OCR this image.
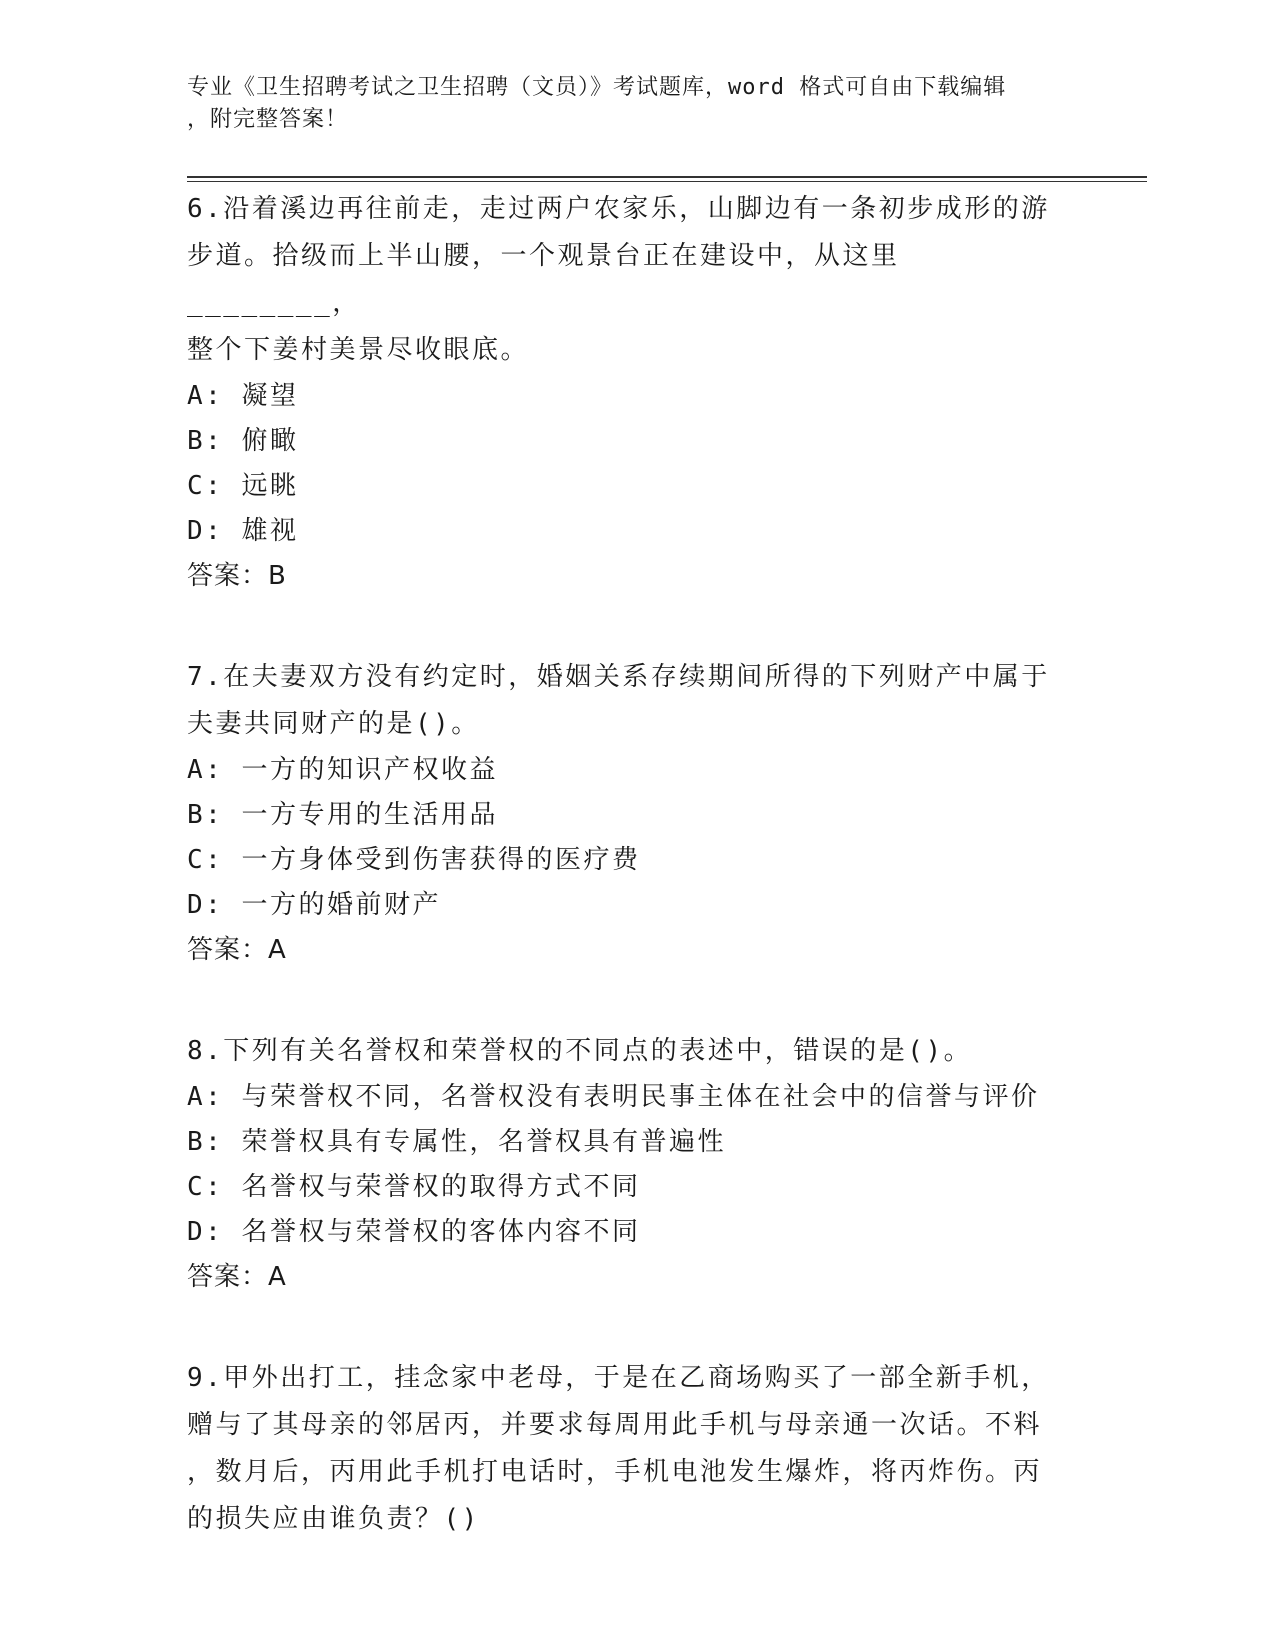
专业《卫生招聘考试之卫生招聘（文员）》考试题库，word 格式可自由下载编辑
，附完整答案！

6.沿着溪边再往前走，走过两户农家乐，山脚边有一条初步成形的游

步道。拾级而上半山腰，一个观景台正在建设中，从这里________，

整个下姜村美景尽收眼底。

A: 凝望

B: 俯瞰

C: 远眺

D: 雄视

答案：B

7.在夫妻双方没有约定时，婚姻关系存续期间所得的下列财产中属于

夫妻共同财产的是()。

A: 一方的知识产权收益

B: 一方专用的生活用品

C: 一方身体受到伤害获得的医疗费

D: 一方的婚前财产

答案：A

8.下列有关名誉权和荣誉权的不同点的表述中，错误的是()。

A: 与荣誉权不同，名誉权没有表明民事主体在社会中的信誉与评价

B: 荣誉权具有专属性，名誉权具有普遍性

C: 名誉权与荣誉权的取得方式不同

D: 名誉权与荣誉权的客体内容不同

答案：A

9.甲外出打工，挂念家中老母，于是在乙商场购买了一部全新手机，

赠与了其母亲的邻居丙，并要求每周用此手机与母亲通一次话。不料

，数月后，丙用此手机打电话时，手机电池发生爆炸，将丙炸伤。丙

的损失应由谁负责？()
